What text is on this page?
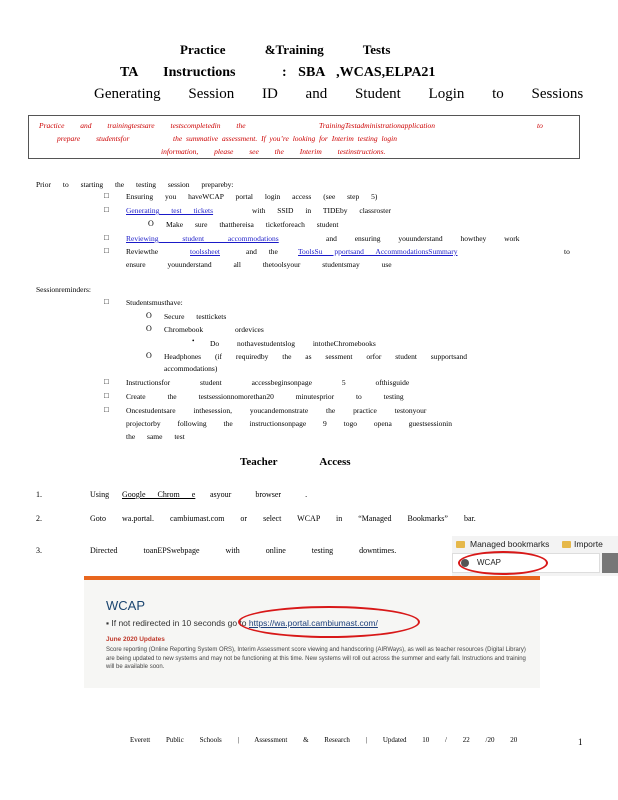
Practice &Training Tests
TA Instructions	: SBA ,WCAS,ELPA21
Generating Session ID and Student Login to Sessions
Practice and trainingtestsare testscompletedin the	TrainingTestadministrationapplication	to
prepare studentsfor	the summative assessment. If you’re looking for Interim testing login
information, please see the Interim testinstructions.
Prior to starting the testing session preparebу:
□ Ensuring you haveWCAP portal login access (see step 5)
□ Generating test tickets	with SSID in TIDEby classroster
O Make sure thatthereisa ticketforeach student
□ Reviewing student accommodations	and ensuring youunderstand howthey work
□ Reviewthe	toolssheet	and the	ToolsSu pportsand AccommodationsSummary	to
ensure youunderstand all thetoolsyour studentsmay use
Sessionreminders:
□ Studentsmusthave:
O Secure testtickets
O Chromebook ordevices
• Do nothavestudentslog intotheChromebooks
O Headphones (if requiredby the as sessment orfor student supportsand
accommodations)
□ Instructionsfor student accessbeginsonpage 5 ofthisguide
□ Create the testsessionnomorethan20 minutesprior to testing
□ Oncestudentsare inthesession, youcandemonstrate the practice testonyour
projectorby following the instructionsonpage 9 togo opena guestsessionin
the same test
Teacher Access
1.	Using Google Chrom e asyour browser .
2.	Goto wa.portal. cambiumast.com or select WCAP in “Managed Bookmarks” bar.
3.	Directed toanEPSwebpage with online testing downtimes.
Managed bookmarks	Importe
WCAP
WCAP
▪ If not redirected in 10 seconds go to https://wa.portal.cambiumast.com/
June 2020 Updates
Score reporting (Online Reporting System ORS), Interim Assessment score viewing and handscoring (AIRWays), as well as teacher resources (Digital Library) are being updated to new systems and may not be functioning at this time. New systems will roll out across the summer and early fall. Instructions and training will be available soon.
Everett Public Schools | Assessment & Research | Updated 10 / 22 /20 20	1
